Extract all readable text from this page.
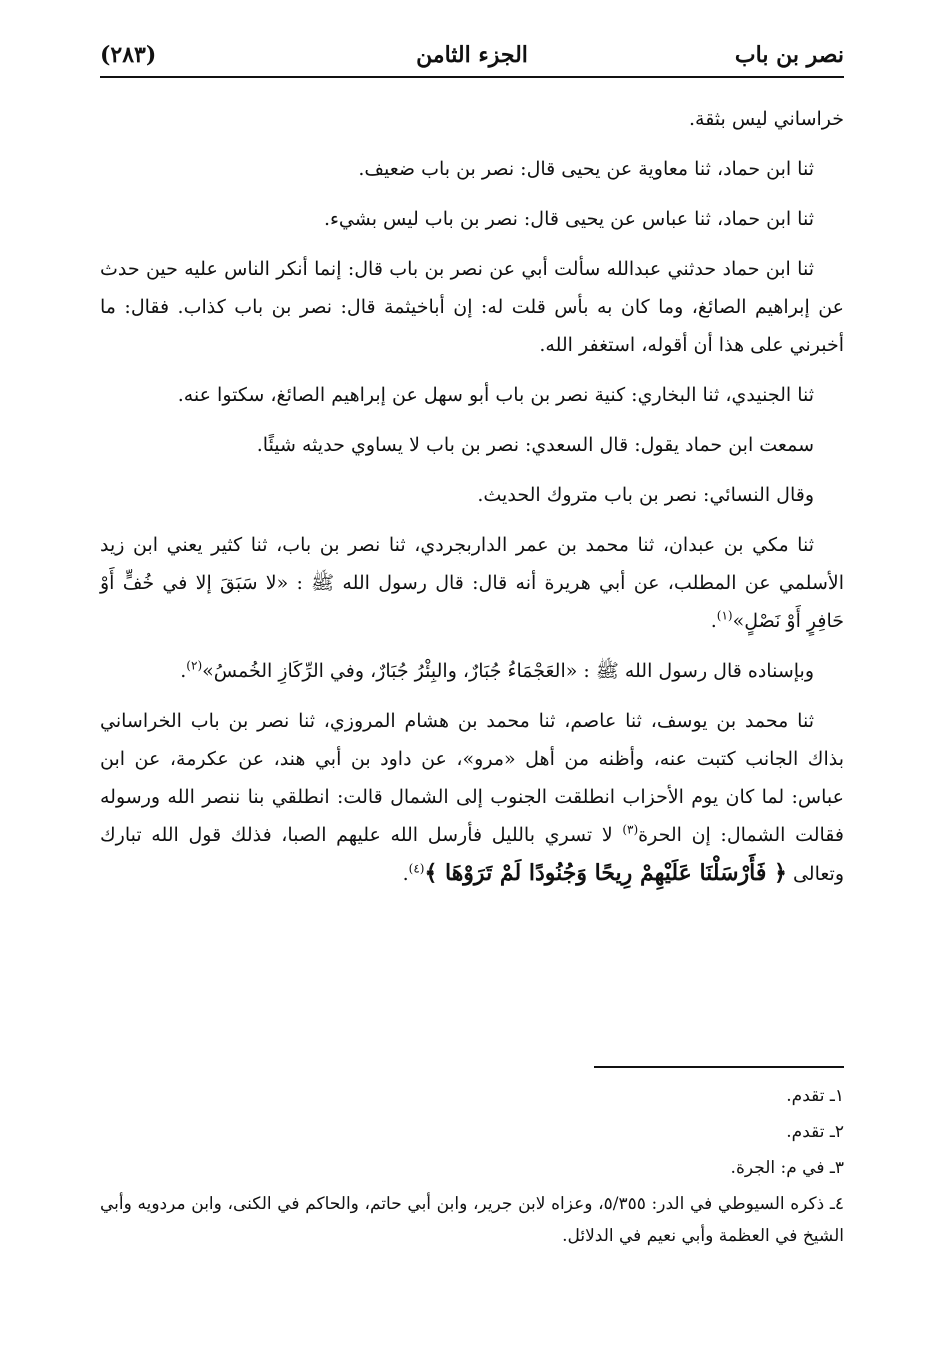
نصر بن باب
الجزء الثامن
(٢٨٣)

خراساني ليس بثقة.

ثنا ابن حماد، ثنا معاوية عن يحيى قال: نصر بن باب ضعيف.

ثنا ابن حماد، ثنا عباس عن يحيى قال: نصر بن باب ليس بشيء.

ثنا ابن حماد حدثني عبدالله سألت أبي عن نصر بن باب قال: إنما أنكر الناس عليه حين حدث عن إبراهيم الصائغ، وما كان به بأس قلت له: إن أباخيثمة قال: نصر بن باب كذاب. فقال: ما أخبرني على هذا أن أقوله، استغفر الله.

ثنا الجنيدي، ثنا البخاري: كنية نصر بن باب أبو سهل عن إبراهيم الصائغ، سكتوا عنه.

سمعت ابن حماد يقول: قال السعدي: نصر بن باب لا يساوي حديثه شيئًا.

وقال النسائي: نصر بن باب متروك الحديث.

ثنا مكي بن عبدان، ثنا محمد بن عمر الداربجردي، ثنا نصر بن باب، ثنا كثير يعني ابن زيد الأسلمي عن المطلب، عن أبي هريرة أنه قال: قال رسول الله ﷺ : «لا سَبَقَ إلا في خُفٍّ أَوْ حَافِرٍ أَوْ نَصْلٍ»$^{(١)}$.

وبإسناده قال رسول الله ﷺ : «العَجْمَاءُ جُبَارٌ، والبِئْرُ جُبَارٌ، وفي الرِّكَازِ الخُمسُ»$^{(٢)}$.

ثنا محمد بن يوسف، ثنا عاصم، ثنا محمد بن هشام المروزي، ثنا نصر بن باب الخراساني بذاك الجانب كتبت عنه، وأظنه من أهل «مرو»، عن داود بن أبي هند، عن عكرمة، عن ابن عباس: لما كان يوم الأحزاب انطلقت الجنوب إلى الشمال قالت: انطلقي بنا ننصر الله ورسوله فقالت الشمال: إن الحرة$^{(٣)}$ لا تسري بالليل فأرسل الله عليهم الصبا، فذلك قول الله تبارك وتعالى ﴿ فَأَرْسَلْنَا عَلَيْهِمْ رِيحًا وَجُنُودًا لَمْ تَرَوْهَا ﴾$^{(٤)}$.

١ـ تقدم.

٢ـ تقدم.

٣ـ في م: الجرة.

٤ـ ذكره السيوطي في الدر: ٥/٣٥٥، وعزاه لابن جرير، وابن أبي حاتم، والحاكم في الكنى، وابن مردويه وأبي الشيخ في العظمة وأبي نعيم في الدلائل.
